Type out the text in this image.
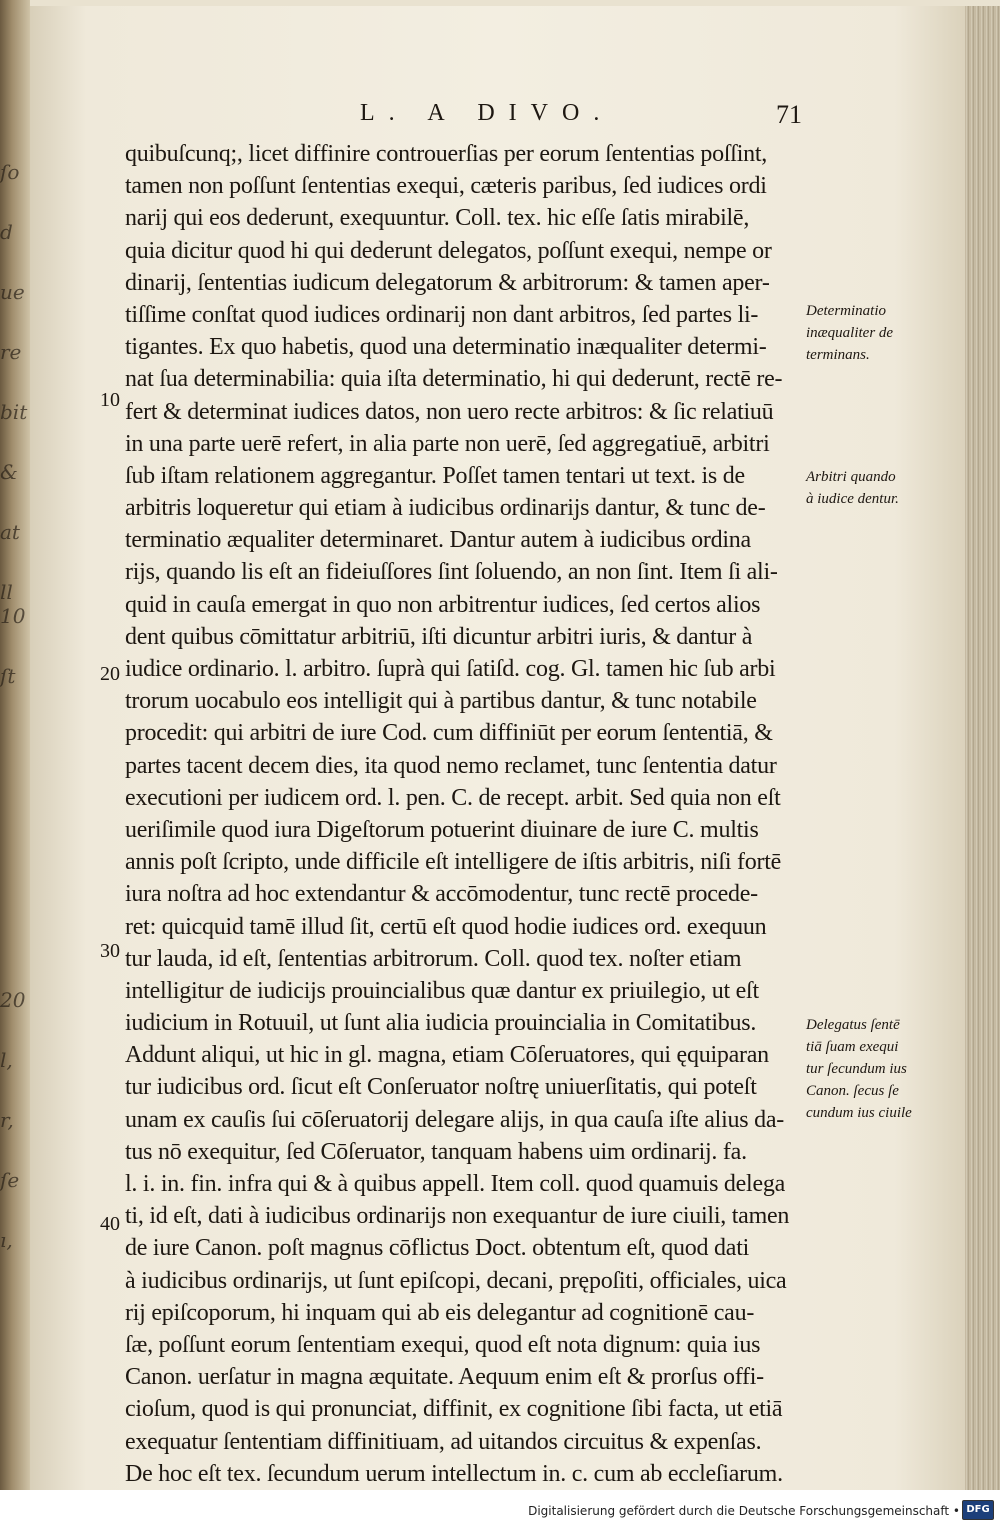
ſo
d
ue
re
bit
&
at
ll 10
ſt
20
l,
r,
ſe
ı,
L. A DIVO.	71
quibuſcunq;, licet diffinire controuerſias per eorum ſententias poſſint,
tamen non poſſunt ſententias exequi, cæteris paribus, ſed iudices ordi
narij qui eos dederunt, exequuntur. Coll. tex. hic eſſe ſatis mirabilē,
quia dicitur quod hi qui dederunt delegatos, poſſunt exequi, nempe or
dinarij, ſententias iudicum delegatorum & arbitrorum: & tamen aper-
tiſſime conſtat quod iudices ordinarij non dant arbitros, ſed partes li-
tigantes. Ex quo habetis, quod una determinatio inæqualiter determi-
nat ſua determinabilia: quia iſta determinatio, hi qui dederunt, rectē re-
fert & determinat iudices datos, non uero recte arbitros: & ſic relatiuū
in una parte uerē refert, in alia parte non uerē, ſed aggregatiuē, arbitri
ſub iſtam relationem aggregantur. Poſſet tamen tentari ut text. is de
arbitris loqueretur qui etiam à iudicibus ordinarijs dantur, & tunc de-
terminatio æqualiter determinaret. Dantur autem à iudicibus ordina
rijs, quando lis eſt an fideiuſſores ſint ſoluendo, an non ſint. Item ſi ali-
quid in cauſa emergat in quo non arbitrentur iudices, ſed certos alios
dent quibus cōmittatur arbitriū, iſti dicuntur arbitri iuris, & dantur à
iudice ordinario. l. arbitro. ſuprà qui ſatiſd. cog. Gl. tamen hic ſub arbi
trorum uocabulo eos intelligit qui à partibus dantur, & tunc notabile
procedit: qui arbitri de iure Cod. cum diffiniūt per eorum ſententiā, &
partes tacent decem dies, ita quod nemo reclamet, tunc ſententia datur
executioni per iudicem ord. l. pen. C. de recept. arbit. Sed quia non eſt
ueriſimile quod iura Digeſtorum potuerint diuinare de iure C. multis
annis poſt ſcripto, unde difficile eſt intelligere de iſtis arbitris, niſi fortē
iura noſtra ad hoc extendantur & accōmodentur, tunc rectē procede-
ret: quicquid tamē illud ſit, certū eſt quod hodie iudices ord. exequun
tur lauda, id eſt, ſententias arbitrorum. Coll. quod tex. noſter etiam
intelligitur de iudicijs prouincialibus quæ dantur ex priuilegio, ut eſt
iudicium in Rotuuil, ut ſunt alia iudicia prouincialia in Comitatibus.
Addunt aliqui, ut hic in gl. magna, etiam Cōſeruatores, qui ęquiparan
tur iudicibus ord. ſicut eſt Conſeruator noſtrę uniuerſitatis, qui poteſt
unam ex cauſis ſui cōſeruatorij delegare alijs, in qua cauſa iſte alius da-
tus nō exequitur, ſed Cōſeruator, tanquam habens uim ordinarij. fa.
l. i. in. fin. infra qui & à quibus appell. Item coll. quod quamuis delega
ti, id eſt, dati à iudicibus ordinarijs non exequantur de iure ciuili, tamen
de iure Canon. poſt magnus cōflictus Doct. obtentum eſt, quod dati
à iudicibus ordinarijs, ut ſunt epiſcopi, decani, prępoſiti, officiales, uica
rij epiſcoporum, hi inquam qui ab eis delegantur ad cognitionē cau-
ſæ, poſſunt eorum ſententiam exequi, quod eſt nota dignum: quia ius
Canon. uerſatur in magna æquitate. Aequum enim eſt & prorſus offi-
cioſum, quod is qui pronunciat, diffinit, ex cognitione ſibi facta, ut etiā
exequatur ſententiam diffinitiuam, ad uitandos circuitus & expenſas.
De hoc eſt tex. ſecundum uerum intellectum in. c. cum ab eccleſiarum.
10
20
30
40
Determinatio
inæqualiter de
terminans.
Arbitri quando
à iudice dentur.
Delegatus ſentē
tiā ſuam exequi
tur ſecundum ius
Canon. ſecus ſe
cundum ius ciuile
Digitalisierung gefördert durch die Deutsche Forschungsgemeinschaft • DFG
